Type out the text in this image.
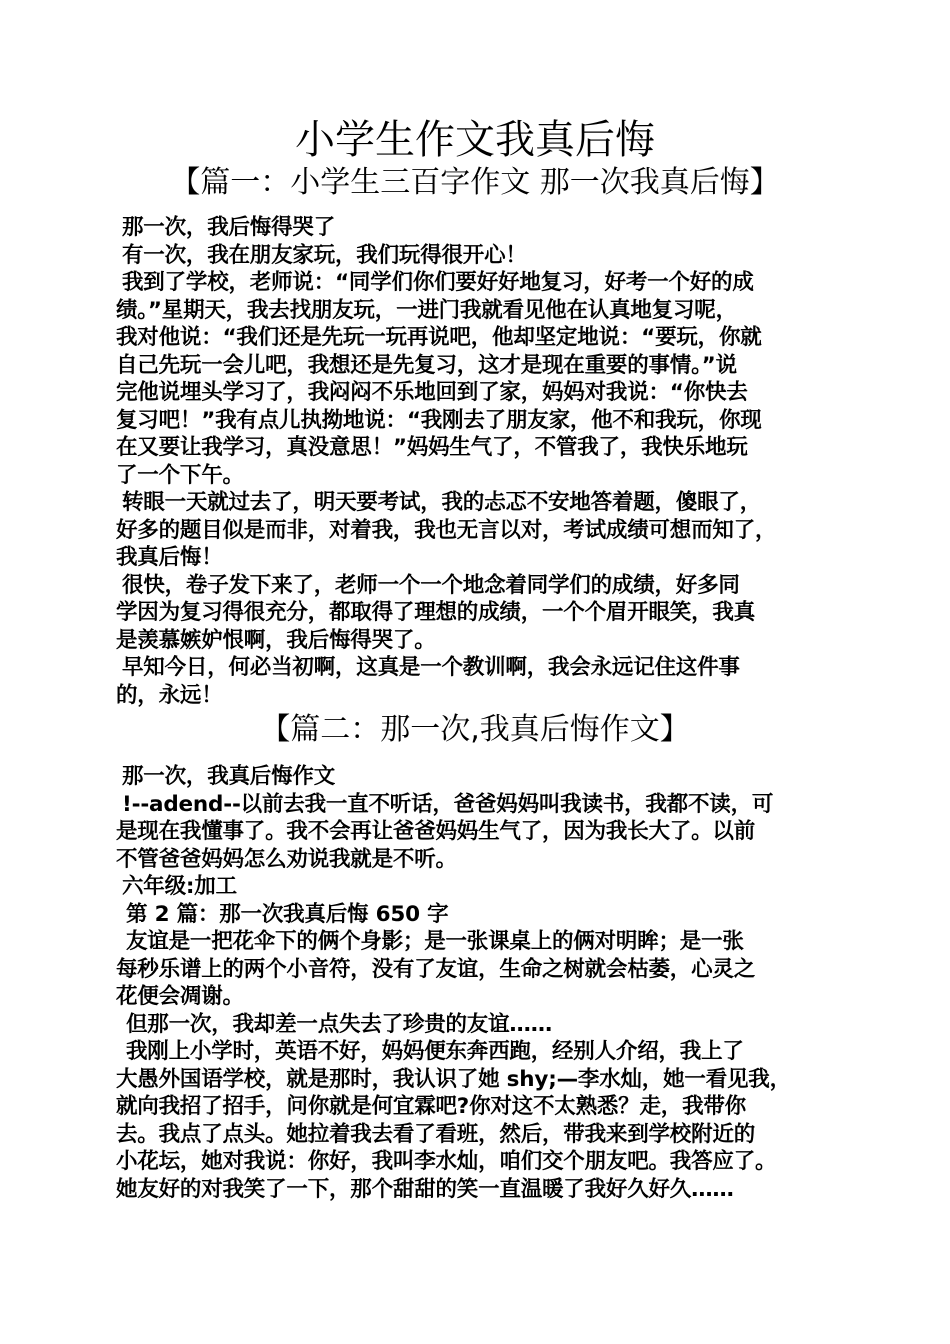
小学生作文我真后悔
【篇一：小学生三百字作文 那一次我真后悔】
那一次，我后悔得哭了
有一次，我在朋友家玩，我们玩得很开心！
我到了学校，老师说：“同学们你们要好好地复习，好考一个好的成
绩。”星期天，我去找朋友玩，一进门我就看见他在认真地复习呢，
我对他说：“我们还是先玩一玩再说吧，他却坚定地说：“要玩，你就
自己先玩一会儿吧，我想还是先复习，这才是现在重要的事情。”说
完他说埋头学习了，我闷闷不乐地回到了家，妈妈对我说：“你快去
复习吧！”我有点儿执拗地说：“我刚去了朋友家，他不和我玩，你现
在又要让我学习，真没意思！”妈妈生气了，不管我了，我快乐地玩
了一个下午。
转眼一天就过去了，明天要考试，我的忐忑不安地答着题，傻眼了，
好多的题目似是而非，对着我，我也无言以对，考试成绩可想而知了，
我真后悔！
很快，卷子发下来了，老师一个一个地念着同学们的成绩，好多同
学因为复习得很充分，都取得了理想的成绩，一个个眉开眼笑，我真
是羡慕嫉妒恨啊，我后悔得哭了。
早知今日，何必当初啊，这真是一个教训啊，我会永远记住这件事
的，永远！
【篇二：那一次,我真后悔作文】
那一次，我真后悔作文
!--adend--以前去我一直不听话，爸爸妈妈叫我读书，我都不读，可
是现在我懂事了。我不会再让爸爸妈妈生气了，因为我长大了。以前
不管爸爸妈妈怎么劝说我就是不听。
六年级:加工
第 2 篇：那一次我真后悔 650 字
友谊是一把花伞下的俩个身影；是一张课桌上的俩对明眸；是一张
每秒乐谱上的两个小音符，没有了友谊，生命之树就会枯萎，心灵之
花便会凋谢。
但那一次，我却差一点失去了珍贵的友谊……
我刚上小学时，英语不好，妈妈便东奔西跑，经别人介绍，我上了
大愚外国语学校，就是那时，我认识了她 shy;—李水灿，她一看见我，
就向我招了招手，问你就是何宜霖吧?你对这不太熟悉？走，我带你
去。我点了点头。她拉着我去看了看班，然后，带我来到学校附近的
小花坛，她对我说：你好，我叫李水灿，咱们交个朋友吧。我答应了。
她友好的对我笑了一下，那个甜甜的笑一直温暖了我好久好久……
